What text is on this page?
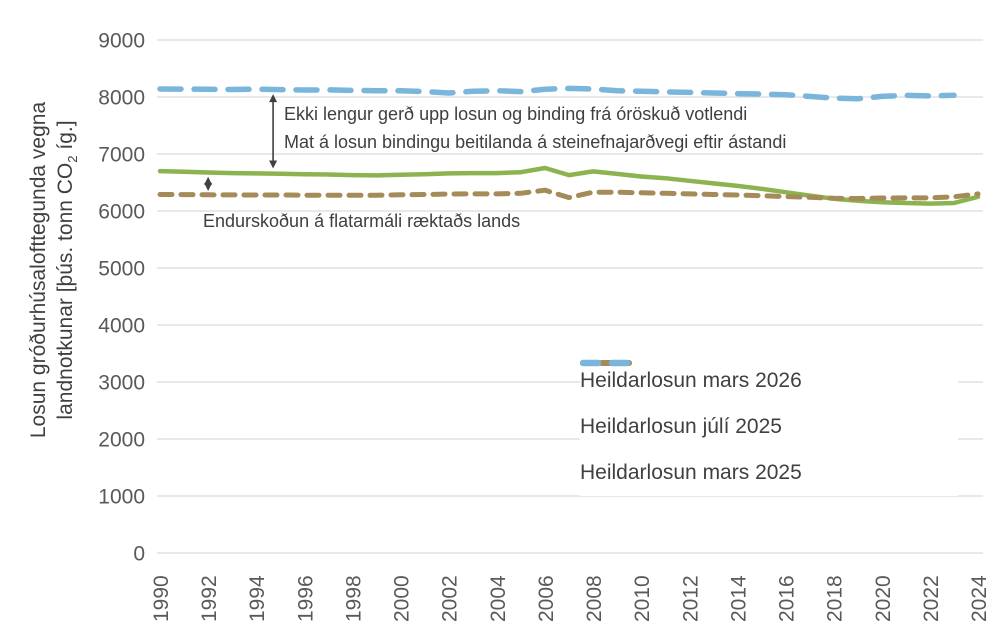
0
1000
2000
3000
4000
5000
6000
7000
8000
9000
1990 1992 1994 1996 1998 2000 2002 2004 2006 2008 2010 2012 2014 2016 2018 2020 2022 2024
Losun gróðurhúsalofttegunda vegna landnotkunar [þús. tonn $CO_2$ íg.]
Ekki lengur gerð upp losun og binding frá óröskuð votlendi
Mat á losun bindingu beitilanda á steinefnajarðvegi eftir ástandi
Endurskoðun á flatarmáli ræktaðs lands
Heildarlosun mars 2026
Heildarlosun júlí 2025
Heildarlosun mars 2025
